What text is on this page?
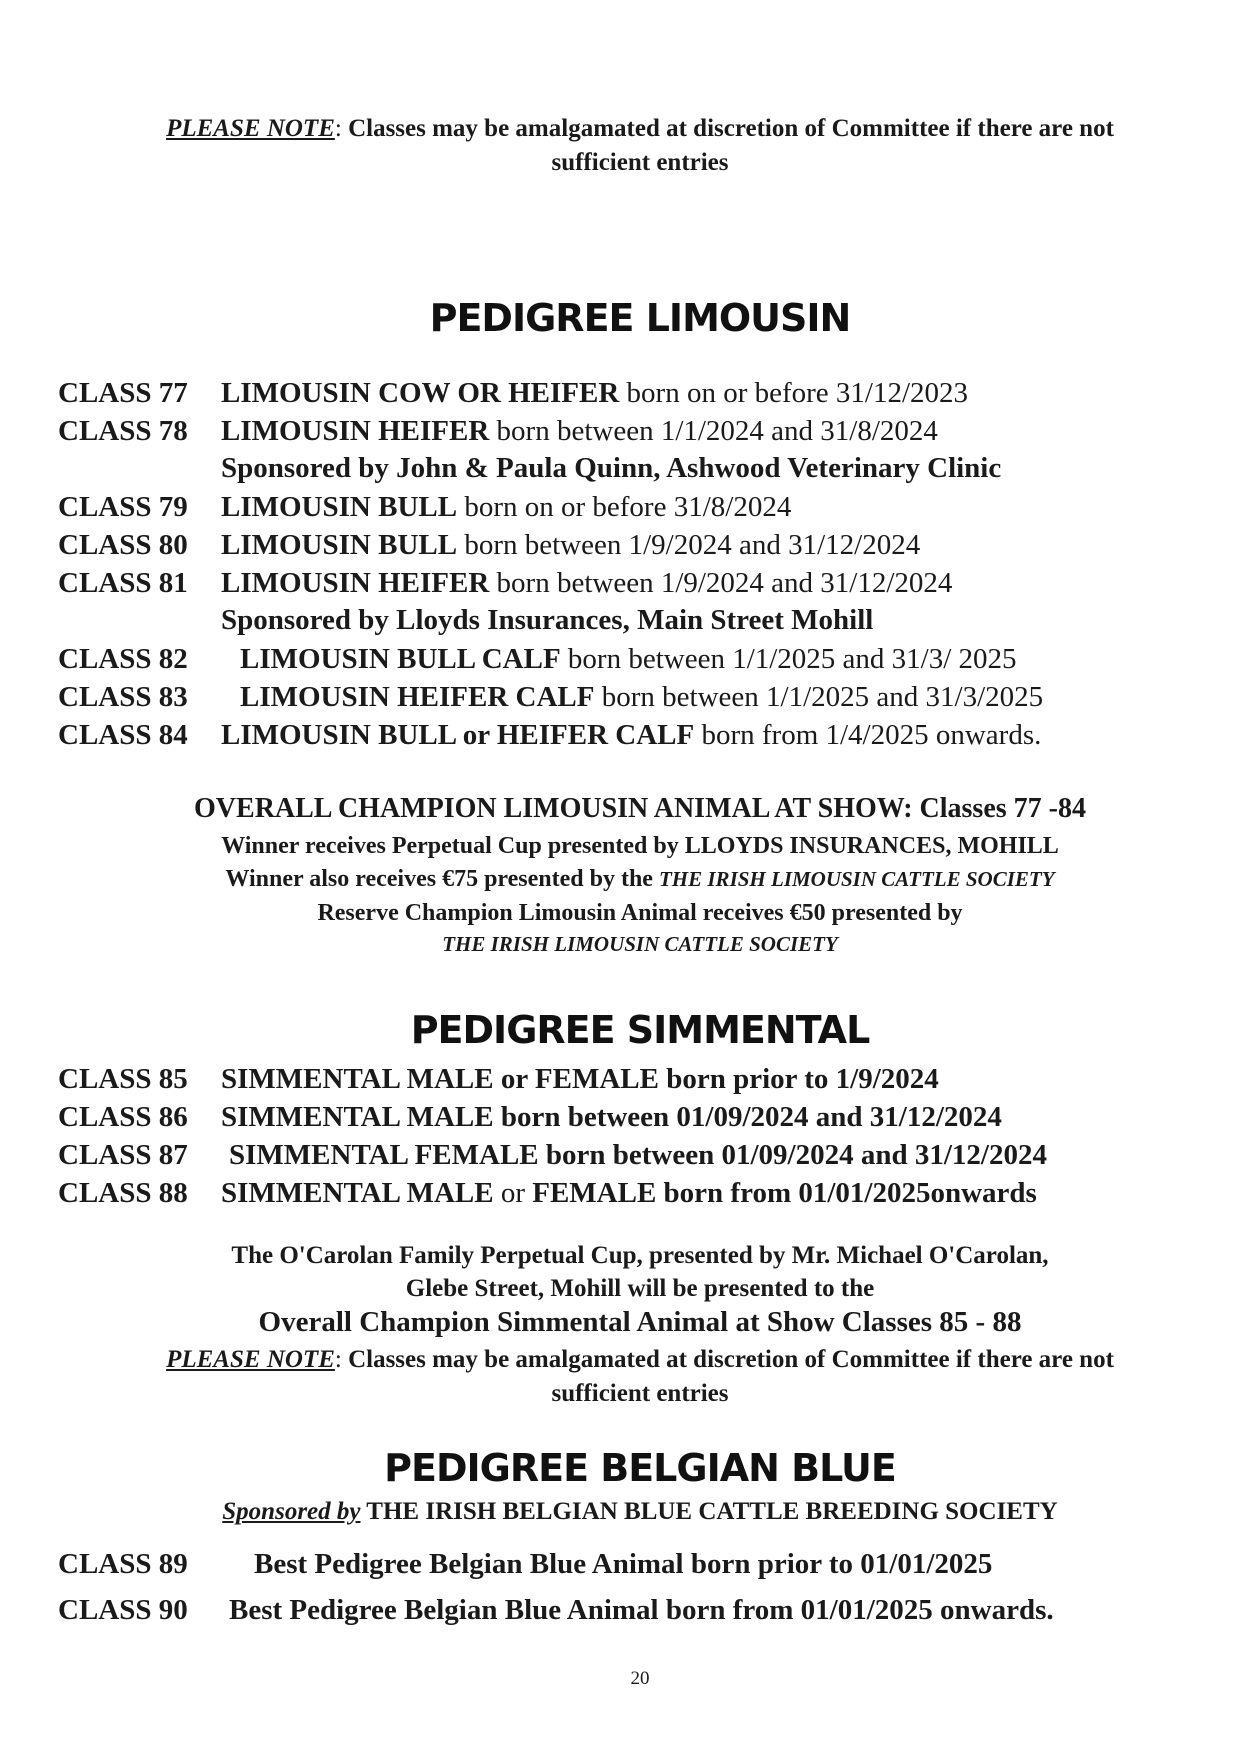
PLEASE NOTE: Classes may be amalgamated at discretion of Committee if there are not
sufficient entries
PEDIGREE LIMOUSIN
CLASS 77 LIMOUSIN COW OR HEIFER born on or before 31/12/2023
CLASS 78 LIMOUSIN HEIFER born between 1/1/2024 and 31/8/2024
Sponsored by John & Paula Quinn, Ashwood Veterinary Clinic
CLASS 79 LIMOUSIN BULL born on or before 31/8/2024
CLASS 80 LIMOUSIN BULL born between 1/9/2024 and 31/12/2024
CLASS 81 LIMOUSIN HEIFER born between 1/9/2024 and 31/12/2024
Sponsored by Lloyds Insurances, Main Street Mohill
CLASS 82 LIMOUSIN BULL CALF born between 1/1/2025 and 31/3/ 2025
CLASS 83 LIMOUSIN HEIFER CALF born between 1/1/2025 and 31/3/2025
CLASS 84 LIMOUSIN BULL or HEIFER CALF born from 1/4/2025 onwards.
OVERALL CHAMPION LIMOUSIN ANIMAL AT SHOW: Classes 77 -84
Winner receives Perpetual Cup presented by LLOYDS INSURANCES, MOHILL
Winner also receives €75 presented by the THE IRISH LIMOUSIN CATTLE SOCIETY
Reserve Champion Limousin Animal receives €50 presented by
THE IRISH LIMOUSIN CATTLE SOCIETY
PEDIGREE SIMMENTAL
CLASS 85 SIMMENTAL MALE or FEMALE born prior to 1/9/2024
CLASS 86 SIMMENTAL MALE born between 01/09/2024 and 31/12/2024
CLASS 87 SIMMENTAL FEMALE born between 01/09/2024 and 31/12/2024
CLASS 88 SIMMENTAL MALE or FEMALE born from 01/01/2025onwards
The O'Carolan Family Perpetual Cup, presented by Mr. Michael O'Carolan,
Glebe Street, Mohill will be presented to the
Overall Champion Simmental Animal at Show Classes 85 - 88
PLEASE NOTE: Classes may be amalgamated at discretion of Committee if there are not
sufficient entries
PEDIGREE BELGIAN BLUE
Sponsored by THE IRISH BELGIAN BLUE CATTLE BREEDING SOCIETY
CLASS 89 Best Pedigree Belgian Blue Animal born prior to 01/01/2025
CLASS 90 Best Pedigree Belgian Blue Animal born from 01/01/2025 onwards.
20
